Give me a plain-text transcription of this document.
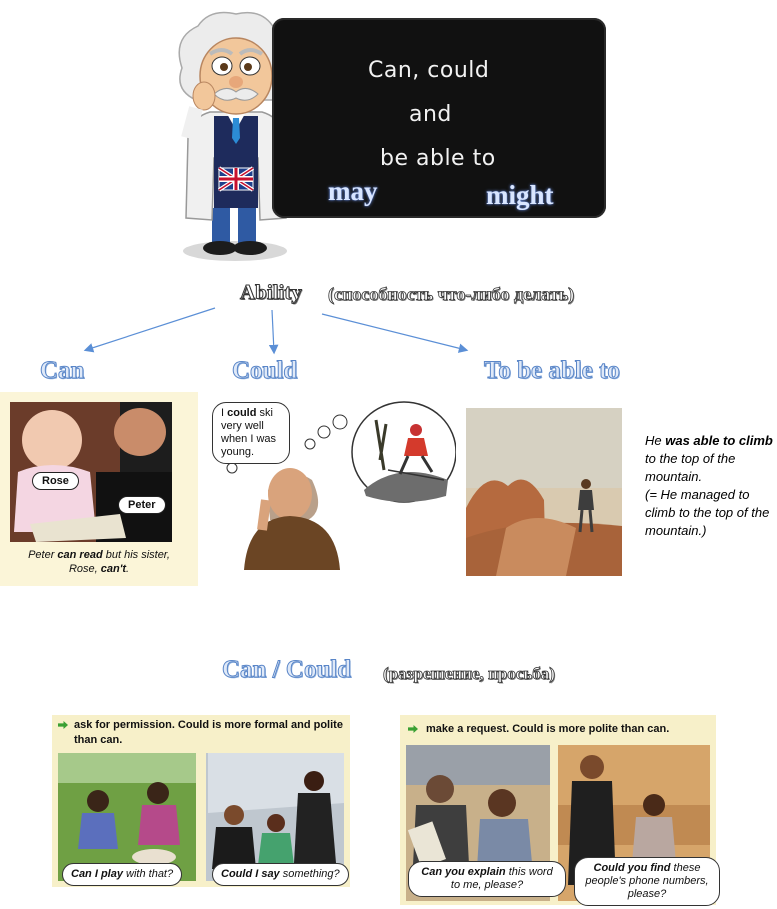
Can, could
and
be able to
may	might
Ability (способность что-либо делать)
Can	Could	To be able to
Rose
Peter
Peter can read but his sister,
Rose, can't.
I could ski very well when I was young.
He was able to climb to the top of the mountain.
(= He managed to climb to the top of the mountain.)
Can / Could (разрешение, просьба)
ask for permission. Could is more formal and polite than can.
Can I play with that?	Could I say something?
make a request. Could is more polite than can.
Can you explain this word to me, please?
Could you find these people's phone numbers, please?
